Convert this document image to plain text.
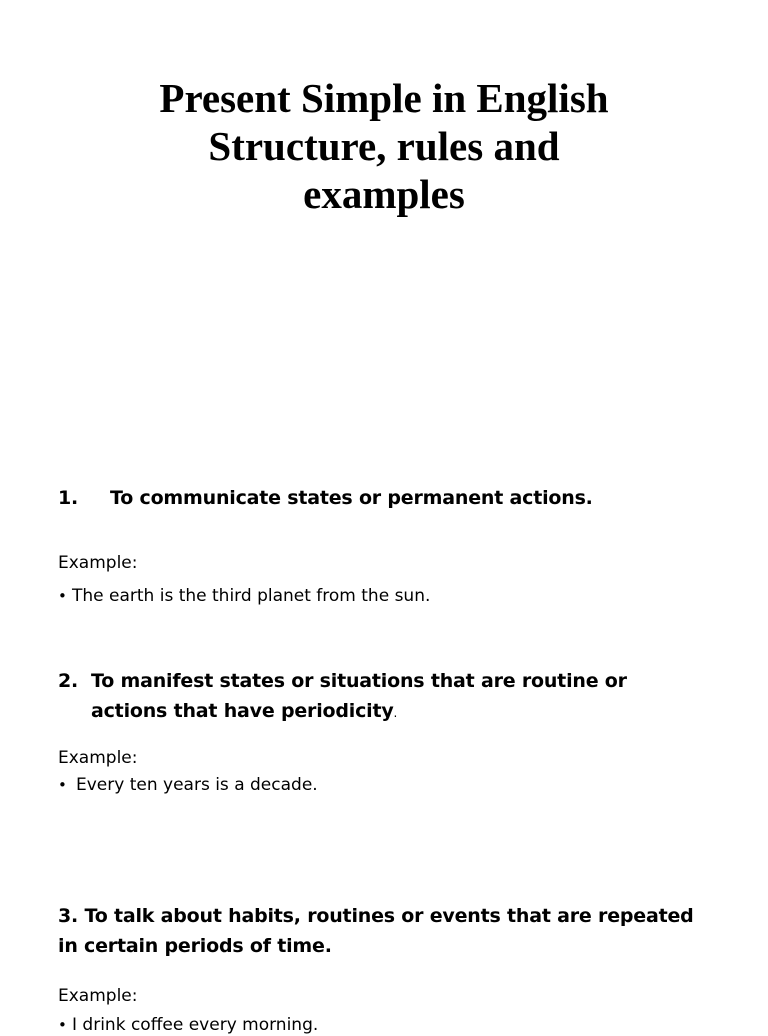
Present Simple in English
Structure, rules and
examples
1. To communicate states or permanent actions.

Example:

• The earth is the third planet from the sun.

2. To manifest states or situations that are routine or
actions that have periodicity.

Example:

• Every ten years is a decade.

3. To talk about habits, routines or events that are repeated
in certain periods of time.

Example:

• I drink coffee every morning.
